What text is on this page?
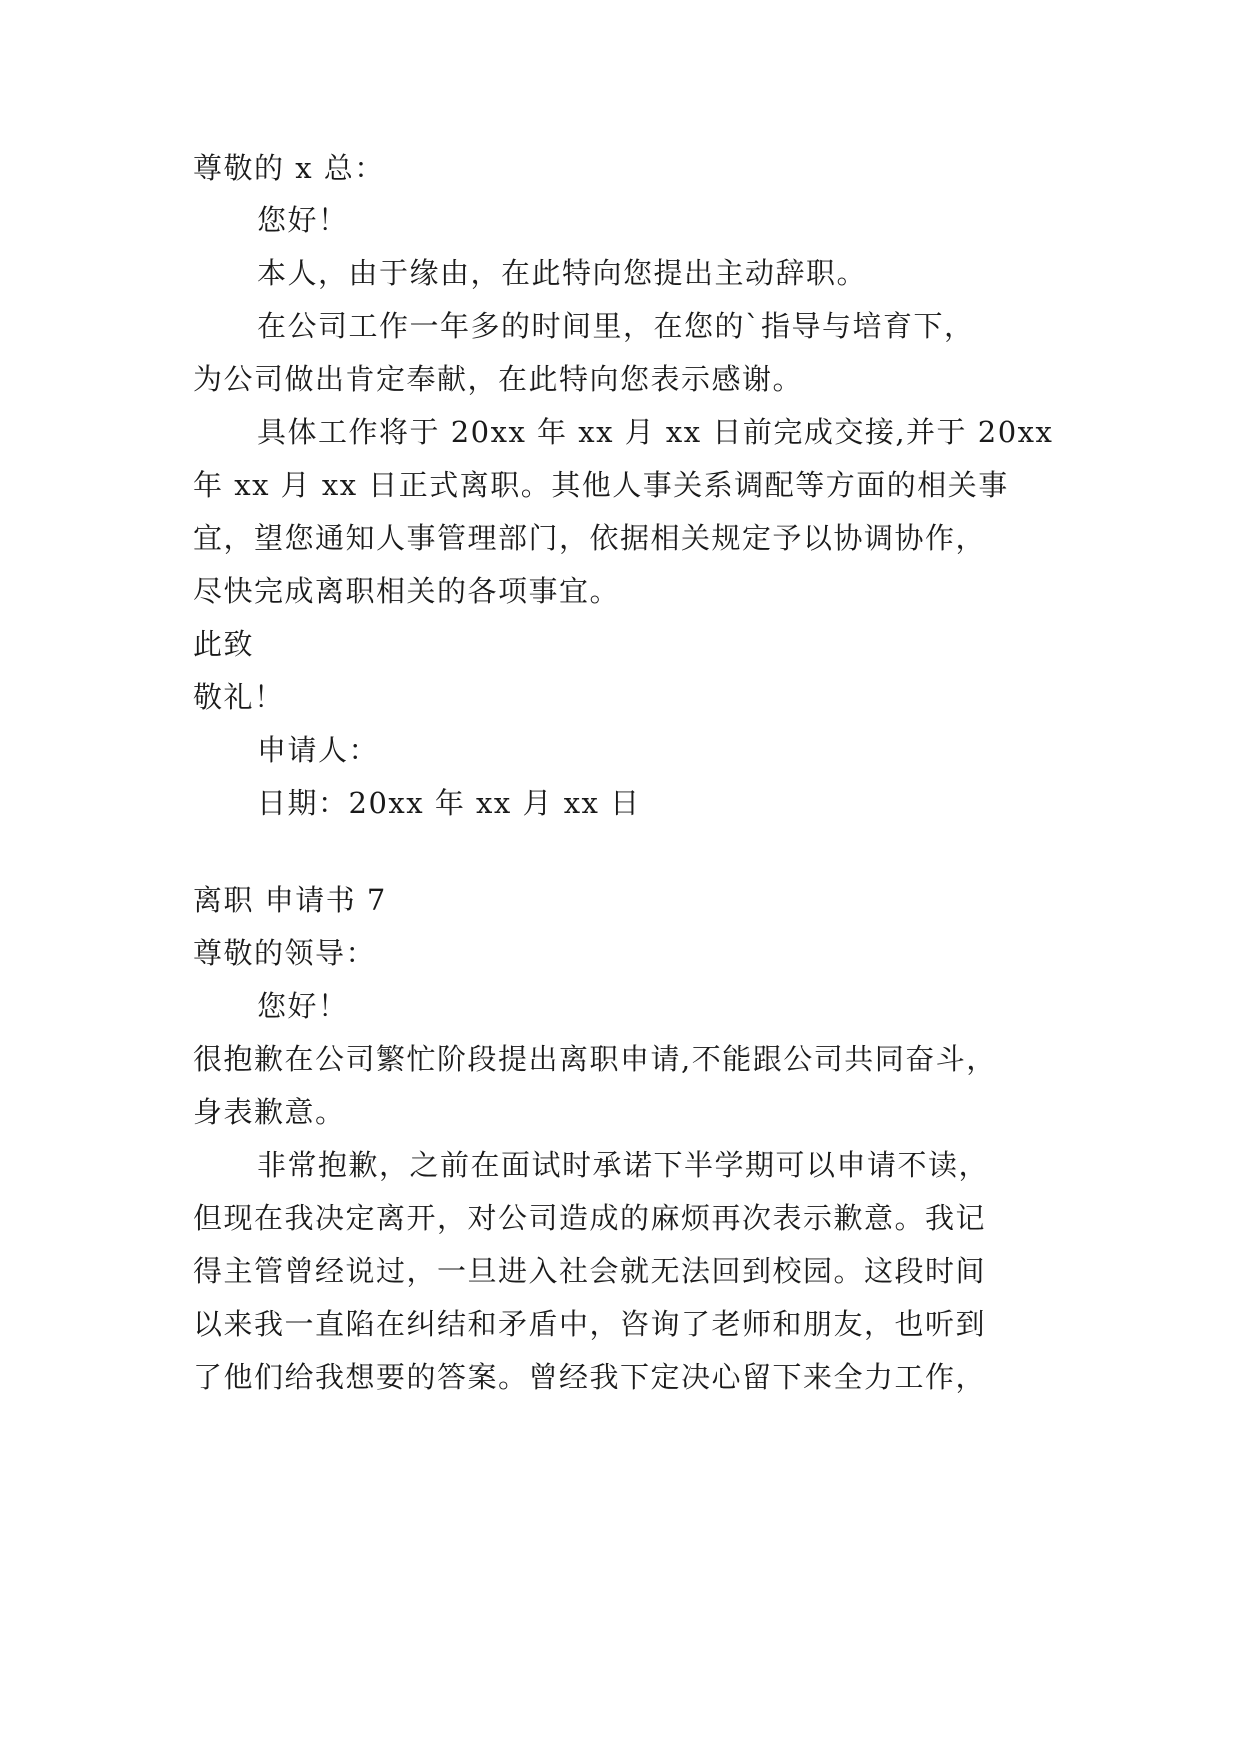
尊敬的 x 总：

您好！

本人，由于缘由，在此特向您提出主动辞职。

在公司工作一年多的时间里，在您的`指导与培育下，

为公司做出肯定奉献，在此特向您表示感谢。

具体工作将于 20xx 年 xx 月 xx 日前完成交接,并于 20xx

年 xx 月 xx 日正式离职。其他人事关系调配等方面的相关事

宜，望您通知人事管理部门，依据相关规定予以协调协作，

尽快完成离职相关的各项事宜。

此致

敬礼！

申请人：

日期：20xx 年 xx 月 xx 日

离职 申请书 7

尊敬的领导：

您好！

很抱歉在公司繁忙阶段提出离职申请,不能跟公司共同奋斗，

身表歉意。

非常抱歉，之前在面试时承诺下半学期可以申请不读，

但现在我决定离开，对公司造成的麻烦再次表示歉意。我记

得主管曾经说过，一旦进入社会就无法回到校园。这段时间

以来我一直陷在纠结和矛盾中，咨询了老师和朋友，也听到

了他们给我想要的答案。曾经我下定决心留下来全力工作，
